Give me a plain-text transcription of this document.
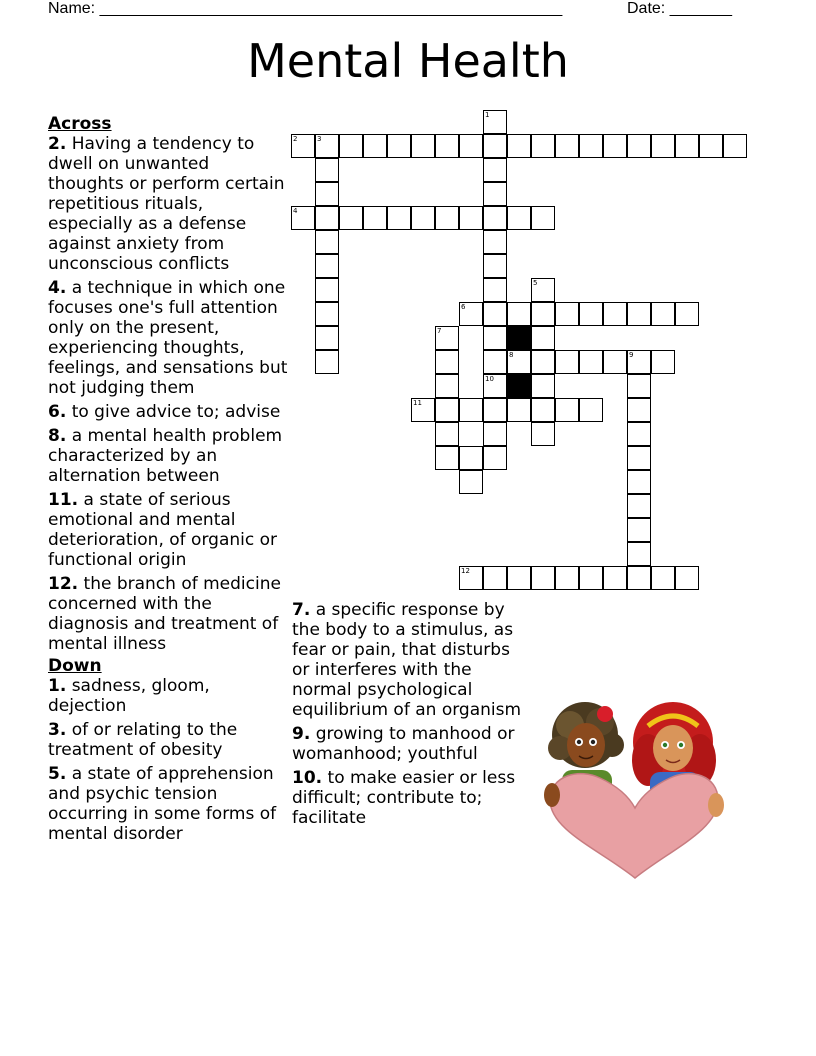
Name: ____________________________________________________	Date: _______
Mental Health

Across

2. Having a tendency to dwell on unwanted thoughts or perform certain repetitious rituals, especially as a defense against anxiety from unconscious conflicts

4. a technique in which one focuses one's full attention only on the present, experiencing thoughts, feelings, and sensations but not judging them

6. to give advice to; advise

8. a mental health problem characterized by an alternation between

11. a state of serious emotional and mental deterioration, of organic or functional origin

12. the branch of medicine concerned with the diagnosis and treatment of mental illness

Down

1. sadness, gloom, dejection

3. of or relating to the treatment of obesity

5. a state of apprehension and psychic tension occurring in some forms of mental disorder

7. a specific response by the body to a stimulus, as fear or pain, that disturbs or interferes with the normal psychological equilibrium of an organism

9. growing to manhood or womanhood; youthful

10. to make easier or less difficult; contribute to; facilitate

1
10
2	3
4
5
6
7
8	9
11
12
